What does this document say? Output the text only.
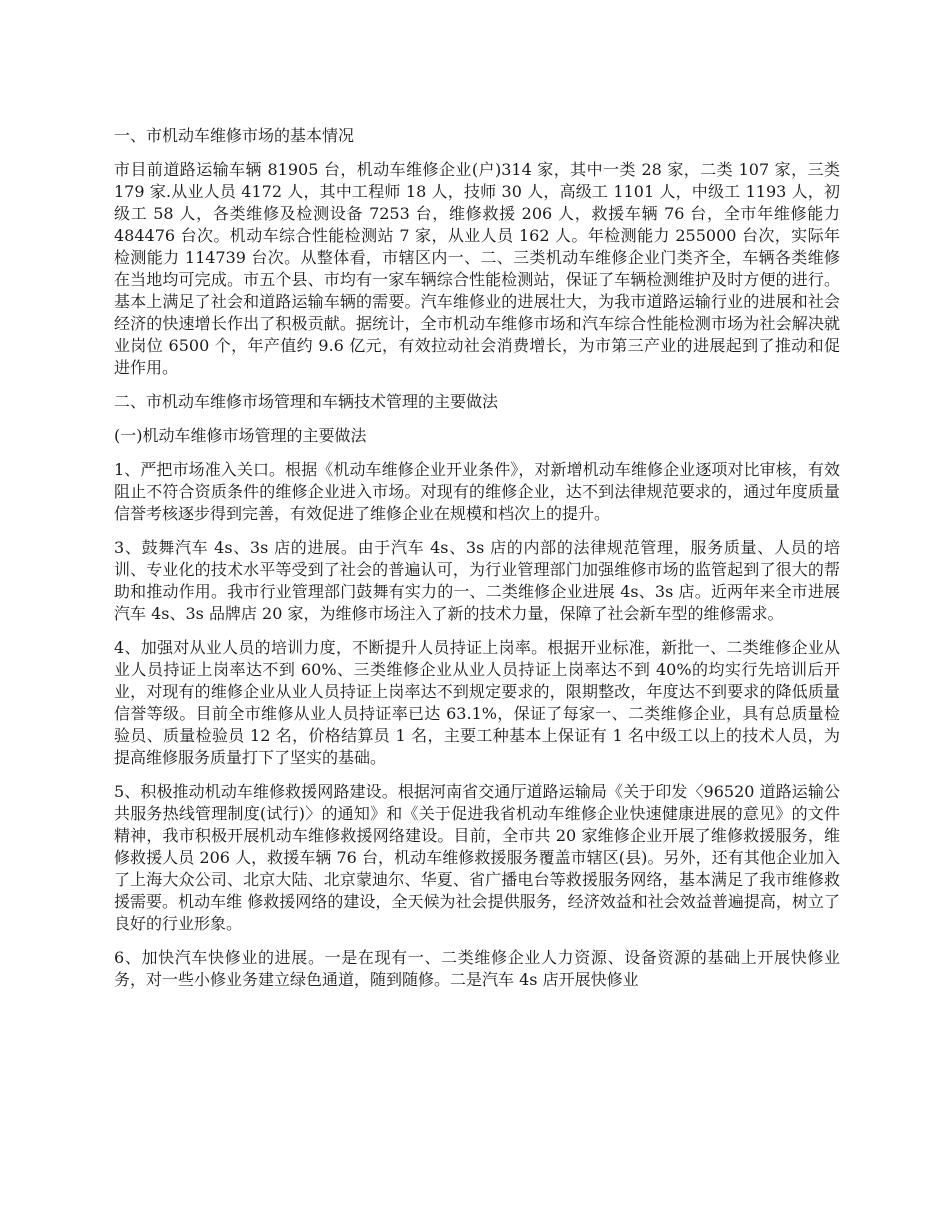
一、市机动车维修市场的基本情况
市目前道路运输车辆 81905 台，机动车维修企业(户)314 家，其中一类 28 家，二类 107 家，三类 179 家.从业人员 4172 人，其中工程师 18 人，技师 30 人，高级工 1101 人，中级工 1193 人，初级工 58 人，各类维修及检测设备 7253 台，维修救援 206 人，救援车辆 76 台，全市年维修能力 484476 台次。机动车综合性能检测站 7 家，从业人员 162 人。年检测能力 255000 台次，实际年检测能力 114739 台次。从整体看，市辖区内一、二、三类机动车维修企业门类齐全，车辆各类维修在当地均可完成。市五个县、市均有一家车辆综合性能检测站，保证了车辆检测维护及时方便的进行。基本上满足了社会和道路运输车辆的需要。汽车维修业的进展壮大，为我市道路运输行业的进展和社会经济的快速增长作出了积极贡献。据统计，全市机动车维修市场和汽车综合性能检测市场为社会解决就业岗位 6500 个，年产值约 9.6 亿元，有效拉动社会消费增长，为市第三产业的进展起到了推动和促进作用。
二、市机动车维修市场管理和车辆技术管理的主要做法
(一)机动车维修市场管理的主要做法
1、严把市场准入关口。根据《机动车维修企业开业条件》，对新增机动车维修企业逐项对比审核，有效阻止不符合资质条件的维修企业进入市场。对现有的维修企业，达不到法律规范要求的，通过年度质量信誉考核逐步得到完善，有效促进了维修企业在规模和档次上的提升。
3、鼓舞汽车 4s、3s 店的进展。由于汽车 4s、3s 店的内部的法律规范管理，服务质量、人员的培训、专业化的技术水平等受到了社会的普遍认可，为行业管理部门加强维修市场的监管起到了很大的帮助和推动作用。我市行业管理部门鼓舞有实力的一、二类维修企业进展 4s、3s 店。近两年来全市进展汽车 4s、3s 品牌店 20 家，为维修市场注入了新的技术力量，保障了社会新车型的维修需求。
4、加强对从业人员的培训力度，不断提升人员持证上岗率。根据开业标准，新批一、二类维修企业从业人员持证上岗率达不到 60%、三类维修企业从业人员持证上岗率达不到 40%的均实行先培训后开业，对现有的维修企业从业人员持证上岗率达不到规定要求的，限期整改，年度达不到要求的降低质量信誉等级。目前全市维修从业人员持证率已达 63.1%，保证了每家一、二类维修企业，具有总质量检验员、质量检验员 12 名，价格结算员 1 名，主要工种基本上保证有 1 名中级工以上的技术人员，为提高维修服务质量打下了坚实的基础。
5、积极推动机动车维修救援网路建设。根据河南省交通厅道路运输局《关于印发〈96520 道路运输公共服务热线管理制度(试行)〉的通知》和《关于促进我省机动车维修企业快速健康进展的意见》的文件精神，我市积极开展机动车维修救援网络建设。目前，全市共 20 家维修企业开展了维修救援服务，维修救援人员 206 人，救援车辆 76 台，机动车维修救援服务覆盖市辖区(县)。另外，还有其他企业加入了上海大众公司、北京大陆、北京蒙迪尔、华夏、省广播电台等救援服务网络，基本满足了我市维修救援需要。机动车维 修救援网络的建设，全天候为社会提供服务，经济效益和社会效益普遍提高，树立了良好的行业形象。
6、加快汽车快修业的进展。一是在现有一、二类维修企业人力资源、设备资源的基础上开展快修业务，对一些小修业务建立绿色通道，随到随修。二是汽车 4s 店开展快修业
